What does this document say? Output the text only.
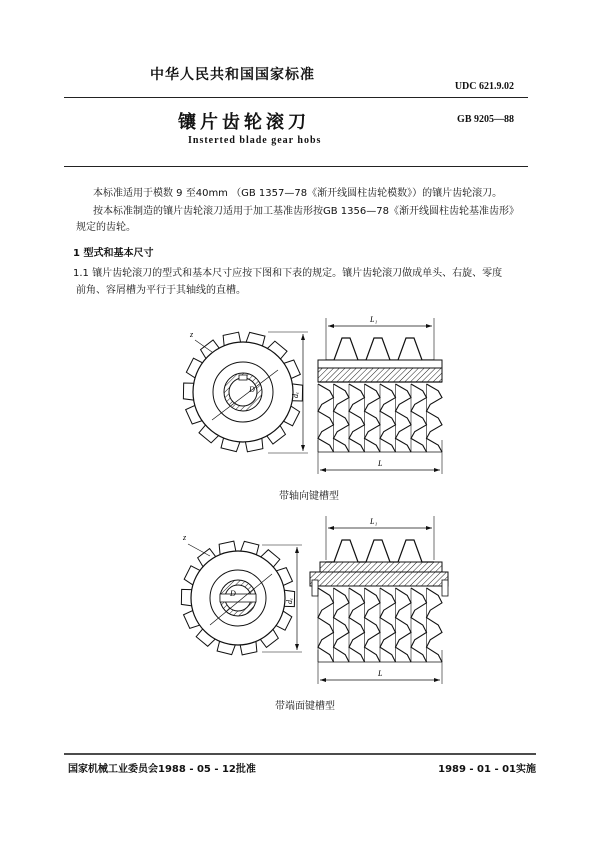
中华人民共和国国家标准
UDC 621.9.02
镶片齿轮滚刀	GB 9205—88
Insterted blade gear hobs
本标准适用于模数 9 至40mm （GB 1357—78《渐开线圆柱齿轮模数》）的镶片齿轮滚刀。
按本标准制造的镶片齿轮滚刀适用于加工基准齿形按GB 1356—78《渐开线圆柱齿轮基准齿形》
规定的齿轮。
1 型式和基本尺寸
1.1 镶片齿轮滚刀的型式和基本尺寸应按下图和下表的规定。镶片齿轮滚刀做成单头、右旋、零度
前角、容屑槽为平行于其轴线的直槽。
D
z
dₑ
L₁
L
D
z
dₑ
L₁
L
带轴向键槽型
带端面键槽型
国家机械工业委员会1988 - 05 - 12批准	1989 - 01 - 01实施
